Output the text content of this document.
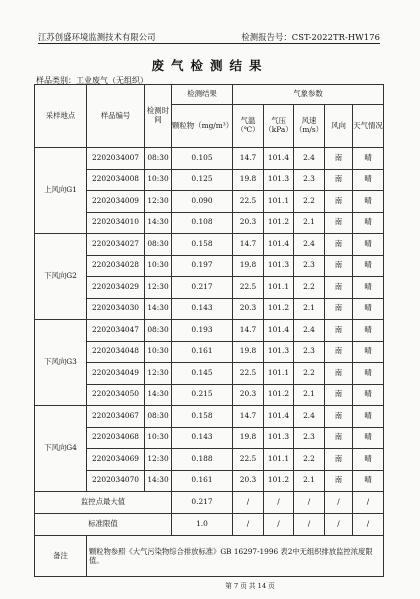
江苏创盛环境监测技术有限公司	检测报告号：CST-2022TR-HW176
废气检测结果
样品类别：工业废气（无组织）
采样地点	样品编号	检测时间	检测结果	气象参数				
			颗粒物（mg/m³）	气温（℃）	气压（kPa）	风速（m/s）	风向	天气情况
上风向G1	2202034007	08:30	0.105	14.7	101.4	2.4	南	晴
	2202034008	10:30	0.125	19.8	101.3	2.3	南	晴
	2202034009	12:30	0.090	22.5	101.1	2.2	南	晴
	2202034010	14:30	0.108	20.3	101.2	2.1	南	晴
下风向G2	2202034027	08:30	0.158	14.7	101.4	2.4	南	晴
	2202034028	10:30	0.197	19.8	101.3	2.3	南	晴
	2202034029	12:30	0.217	22.5	101.1	2.2	南	晴
	2202034030	14:30	0.143	20.3	101.2	2.1	南	晴
下风向G3	2202034047	08:30	0.193	14.7	101.4	2.4	南	晴
	2202034048	10:30	0.161	19.8	101.3	2.3	南	晴
	2202034049	12:30	0.145	22.5	101.1	2.2	南	晴
	2202034050	14:30	0.215	20.3	101.2	2.1	南	晴
下风向G4	2202034067	08:30	0.158	14.7	101.4	2.4	南	晴
	2202034068	10:30	0.143	19.8	101.3	2.3	南	晴
	2202034069	12:30	0.188	22.5	101.1	2.2	南	晴
	2202034070	14:30	0.161	20.3	101.2	2.1	南	晴
监控点最大值			0.217	/	/	/	/	/
标准限值			1.0	/	/	/	/	/
备注	颗粒物参照《大气污染物综合排放标准》GB 16297-1996 表2中无组织排放监控浓度限值。							
第 7 页 共 14 页
